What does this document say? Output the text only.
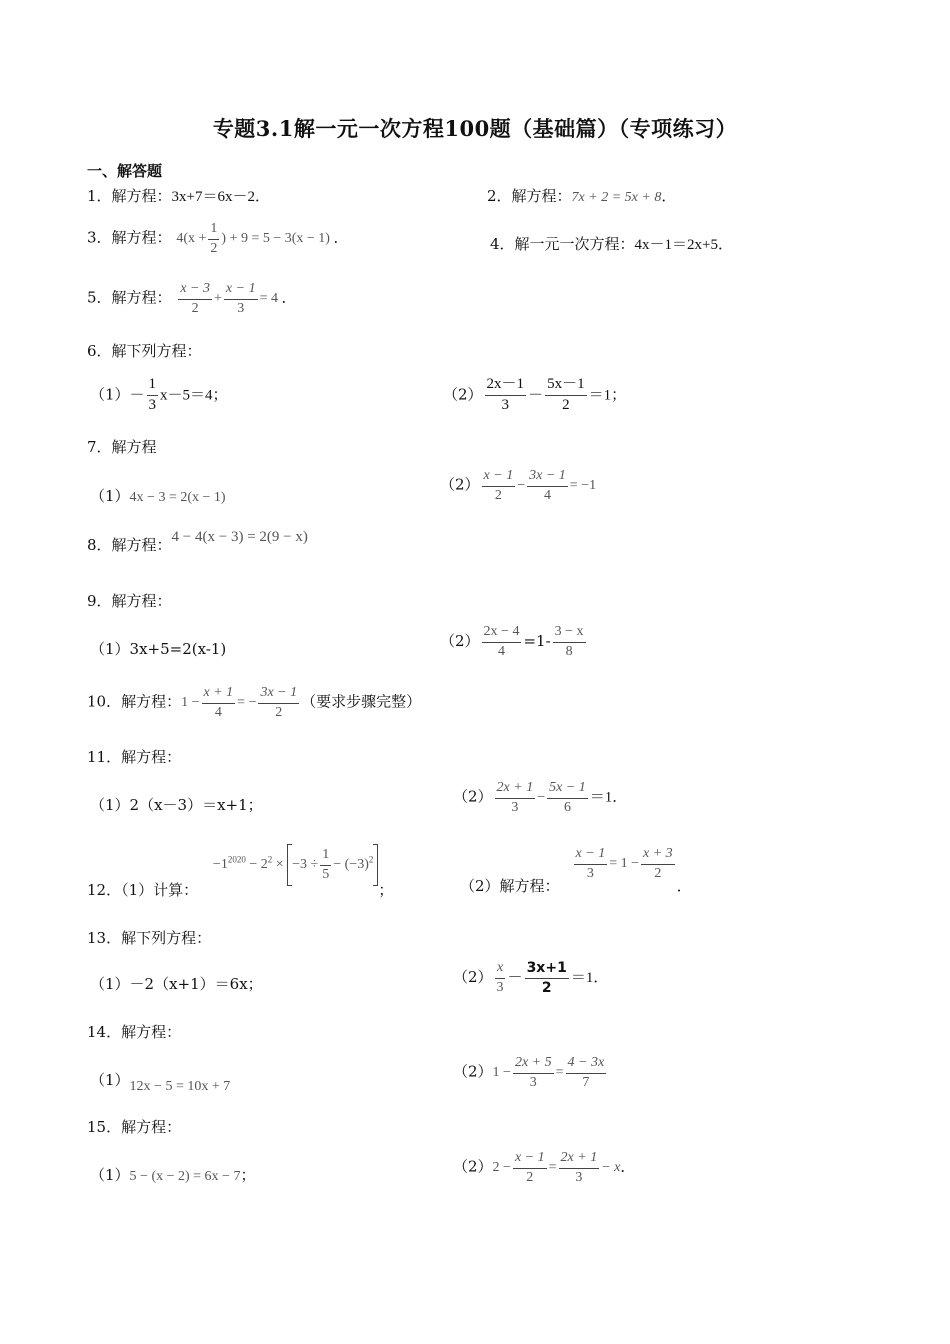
专题3.1解一元一次方程100题（基础篇）（专项练习）
一、解答题
1．解方程：3x+7＝6x－2．	2．解方程：7x + 2 = 5x + 8．
3．解方程： $4(x + \frac{1}{2}$ ) + 9 = 5 − 3(x − 1) ．	4．解一元一次方程：4x－1＝2x+5．
5．解方程： $\frac{x - 3}{2} + \frac{x - 1}{3} = 4$ ．
6．解下列方程：
$(1)- \frac{1}{3} x-5=4$；	$(2) \frac{2x-1}{3} - \frac{5x-1}{2} =1$；
7．解方程
（1）4x − 3 = 2(x − 1)
$(2) \frac{x - 1}{2} - \frac{3x - 1}{4} = -1$
8．解方程：4 − 4(x − 3) = 2(9 − x)
9．解方程：
（1）3x+5=2(x-1)	$(2) \frac{2x - 4}{4} =1- \frac{3 - x}{8}$
10．解方程：$1 - \frac{x + 1}{4}$ = − $\frac{3x - 1}{2}$ （要求步骤完整）
11．解方程：
（1）2（x－3）＝x+1；	$(2) \frac{2x + 1}{3} - \frac{5x - 1}{6} =1$．
12．（1）计算： $-1^{2020} - 2^2 \times -3 \div \frac{1}{5} - (-3)^2$；	（2）解方程：
$\frac{x - 1}{3} = 1 - \frac{x + 3}{2}$
．
13．解下列方程：
（1）－2（x+1）＝6x；	$(2) \frac{x}{3} - \frac{3x+1}{2} =1$．
14．解方程：
（1）12x − 5 = 10x + 7
$(2)1 - \frac{2x + 5}{3} = \frac{4 - 3x}{7}$
15．解方程：
（1）5 − (x − 2) = 6x − 7；	$(2)2 - \frac{x - 1}{2} = \frac{2x + 1}{3} - x$．
